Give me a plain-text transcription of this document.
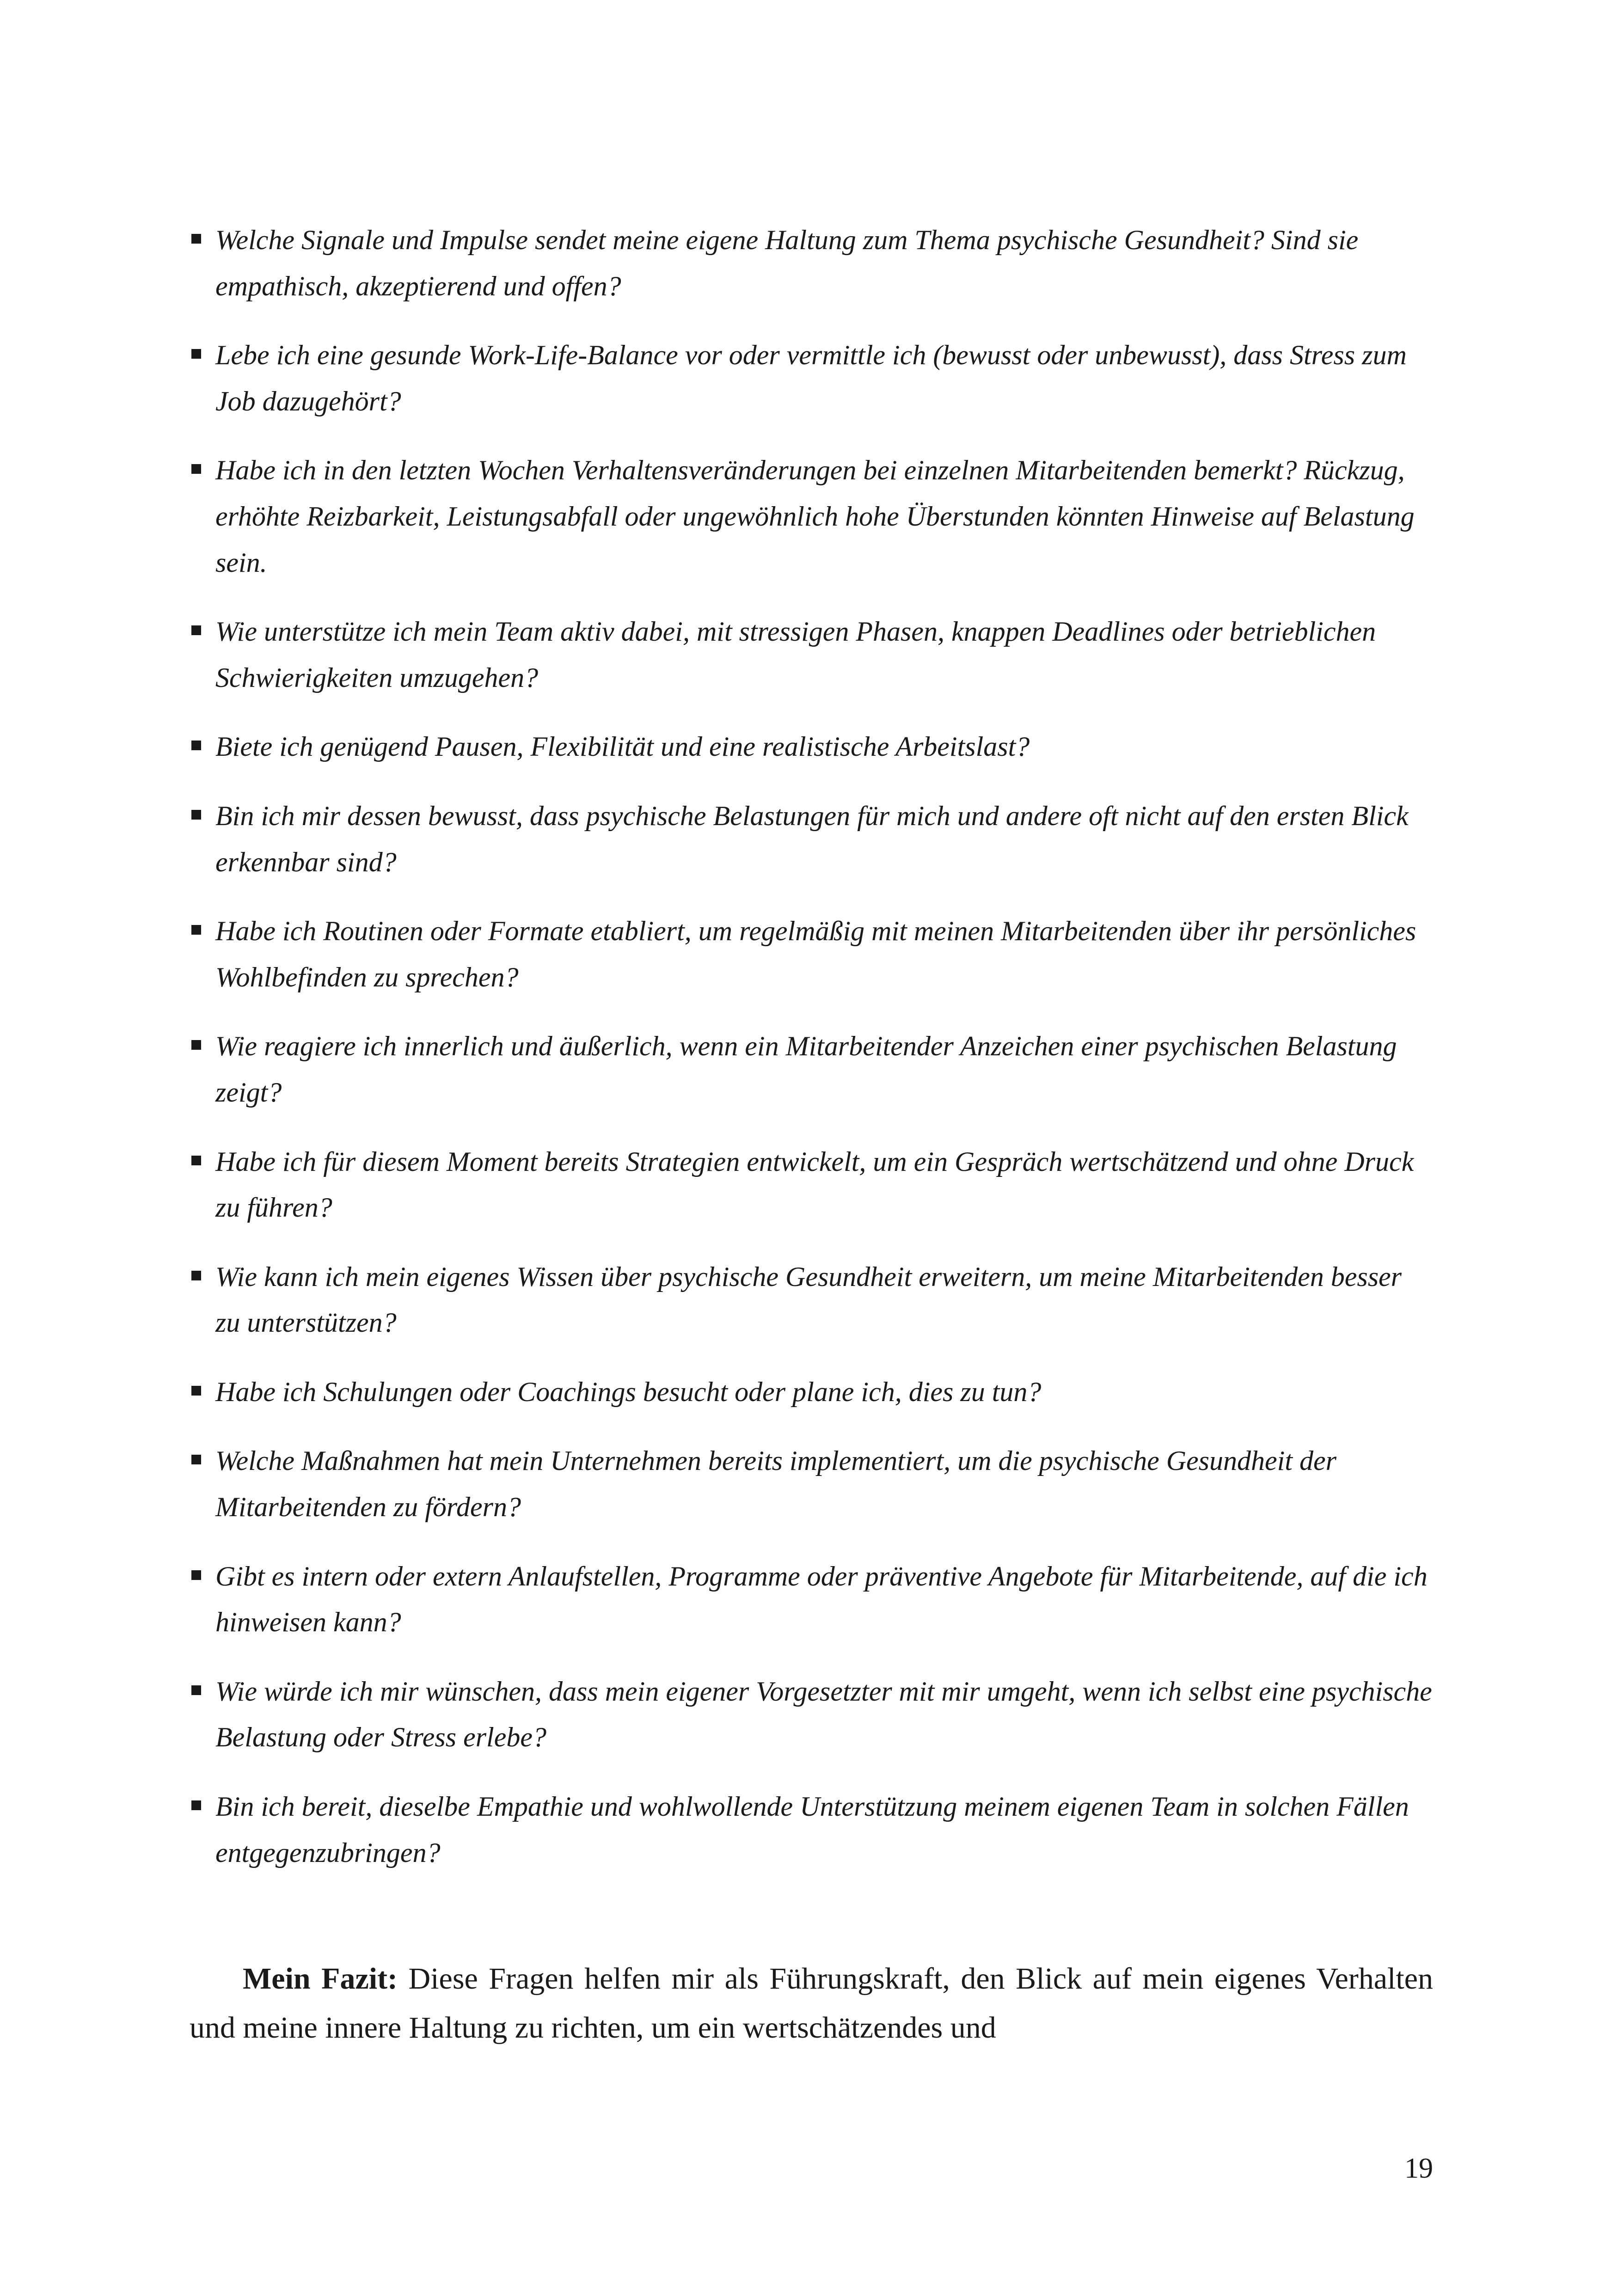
Welche Signale und Impulse sendet meine eigene Haltung zum Thema psychische Gesundheit? Sind sie empathisch, akzeptierend und offen?
Lebe ich eine gesunde Work-Life-Balance vor oder vermittle ich (bewusst oder unbewusst), dass Stress zum Job dazugehört?
Habe ich in den letzten Wochen Verhaltensveränderungen bei einzelnen Mitarbeitenden bemerkt? Rückzug, erhöhte Reizbarkeit, Leistungsabfall oder ungewöhnlich hohe Überstunden könnten Hinweise auf Belastung sein.
Wie unterstütze ich mein Team aktiv dabei, mit stressigen Phasen, knappen Deadlines oder betrieblichen Schwierigkeiten umzugehen?
Biete ich genügend Pausen, Flexibilität und eine realistische Arbeitslast?
Bin ich mir dessen bewusst, dass psychische Belastungen für mich und andere oft nicht auf den ersten Blick erkennbar sind?
Habe ich Routinen oder Formate etabliert, um regelmäßig mit meinen Mitarbeitenden über ihr persönliches Wohlbefinden zu sprechen?
Wie reagiere ich innerlich und äußerlich, wenn ein Mitarbeitender Anzeichen einer psychischen Belastung zeigt?
Habe ich für diesem Moment bereits Strategien entwickelt, um ein Gespräch wertschätzend und ohne Druck zu führen?
Wie kann ich mein eigenes Wissen über psychische Gesundheit erweitern, um meine Mitarbeitenden besser zu unterstützen?
Habe ich Schulungen oder Coachings besucht oder plane ich, dies zu tun?
Welche Maßnahmen hat mein Unternehmen bereits implementiert, um die psychische Gesundheit der Mitarbeitenden zu fördern?
Gibt es intern oder extern Anlaufstellen, Programme oder präventive Angebote für Mitarbeitende, auf die ich hinweisen kann?
Wie würde ich mir wünschen, dass mein eigener Vorgesetzter mit mir umgeht, wenn ich selbst eine psychische Belastung oder Stress erlebe?
Bin ich bereit, dieselbe Empathie und wohlwollende Unterstützung meinem eigenen Team in solchen Fällen entgegenzubringen?

Mein Fazit: Diese Fragen helfen mir als Führungskraft, den Blick auf mein eigenes Verhalten und meine innere Haltung zu richten, um ein wertschätzendes und

19
